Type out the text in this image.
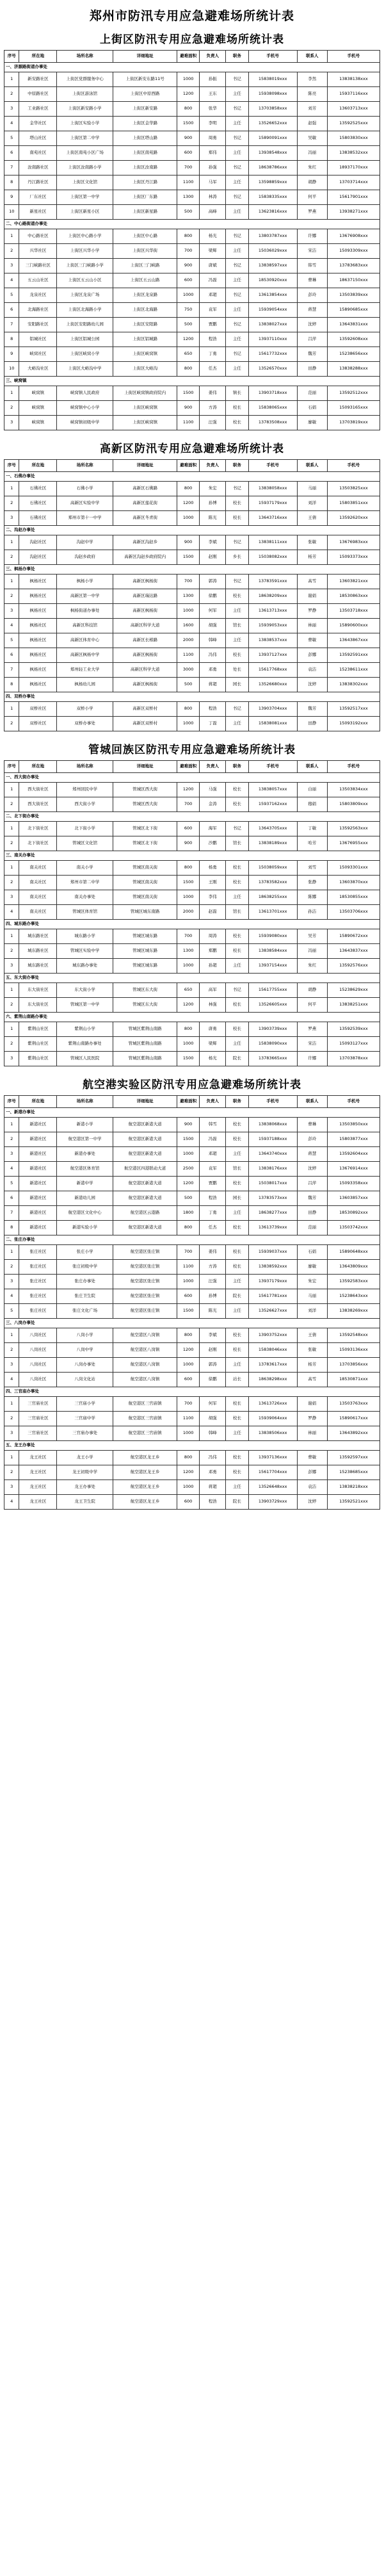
郑州市防汛专用应急避难场所统计表
上街区防汛专用应急避难场所统计表
序号	所在地	场所名称	详细地址	避难面积	负责人	职务	手机号	联系人	手机号
一、济源路街道办事处									
1	新安路社区	上街区党群服务中心	上街区新安东路11号	1000	孙振	书记	15838019xxx	李然	13838138xxx
2	中原路社区	上街区游泳馆	上街区中原西路	1200	王东	主任	15938098xxx	陈亮	15937116xxx
3	工业路社区	上街区新安路小学	上街区新安路	800	张华	书记	13703858xxx	刘芳	13603713xxx
4	金华社区	上街区实验小学	上街区金华路	1500	李明	主任	13526652xxx	赵强	13592525xxx
5	塔山社区	上街区第二中学	上街区塔山路	900	周勇	书记	15890091xxx	吴敏	15803830xxx
6	南苑社区	上街区南苑小区广场	上街区南苑路	600	郑伟	主任	13938548xxx	冯丽	13838532xxx
7	汝南路社区	上街区汝南路小学	上街区汝南路	700	孙强	书记	18638786xxx	朱红	18937170xxx
8	丹江路社区	上街区文化馆	上街区丹江路	1100	马军	主任	13598859xxx	胡静	13703714xxx
9	厂东社区	上街区第一中学	上街区厂东路	1300	林涛	书记	15838335xxx	何平	15617901xxx
10	新星社区	上街区新星小区	上街区新星路	500	高峰	主任	13623816xxx	罗燕	13938271xxx
二、中心路街道办事处									
1	中心路社区	上街区中心路小学	上街区中心路	800	杨光	书记	13803787xxx	许娜	13676908xxx
2	兴华社区	上街区兴华小学	上街区兴华街	700	梁辉	主任	15036029xxx	宋洁	15093309xxx
3	三门峡路社区	上街区三门峡路小学	上街区三门峡路	900	唐斌	书记	13838597xxx	韩雪	13783683xxx
4	五云山社区	上街区五云山小区	上街区五云山路	600	冯磊	主任	18530920xxx	曹琳	18637150xxx
5	龙泉社区	上街区龙泉广场	上街区龙泉路	1000	邓超	书记	13613854xxx	彭玲	13503839xxx
6	北海路社区	上街区北海路小学	上街区北海路	750	袁军	主任	15939054xxx	蒋慧	15890685xxx
7	安阳路社区	上街区安阳路幼儿园	上街区安阳路	500	贾鹏	书记	13838027xxx	沈婷	13643831xxx
8	铝城社区	上街区铝城公园	上街区铝城路	1200	程浩	主任	13937110xxx	吕萍	13592608xxx
9	峡窝社区	上街区峡窝小学	上街区峡窝镇	650	丁勇	书记	15617732xxx	魏芳	15238656xxx
10	大峪沟社区	上街区大峪沟中学	上街区大峪沟	800	任杰	主任	13526570xxx	田静	13838288xxx
三、峡窝镇									
1	峡窝镇	峡窝镇人民政府	上街区峡窝镇政府院内	1500	姜伟	镇长	13903718xxx	范丽	13592512xxx
2	峡窝镇	峡窝镇中心小学	上街区峡窝镇	900	方涛	校长	15838065xxx	石娟	15093165xxx
3	峡窝镇	峡窝镇初级中学	上街区峡窝镇	1100	汪强	校长	13783508xxx	廖敏	13703819xxx
高新区防汛专用应急避难场所统计表
序号	所在地	场所名称	详细地址	避难面积	负责人	职务	手机号	联系人	手机号
一、石佛办事处									
1	石佛社区	石佛小学	高新区石佛路	800	朱宏	书记	13838058xxx	马丽	13503825xxx
2	石佛社区	高新区实验中学	高新区莲花街	1200	孙博	校长	15937179xxx	刘洋	15803851xxx
3	石佛社区	郑州市第十一中学	高新区冬青街	1000	陈光	校长	13643716xxx	王倩	13592620xxx
二、沟赵办事处									
1	沟赵社区	沟赵中学	高新区沟赵乡	900	李斌	书记	13838111xxx	张敏	13676983xxx
2	沟赵社区	沟赵乡政府	高新区沟赵乡政府院内	1500	赵刚	乡长	15038082xxx	杨芳	15093373xxx
三、枫杨办事处									
1	枫杨社区	枫杨小学	高新区枫杨街	700	郭涛	书记	13783591xxx	高雪	13603821xxx
2	枫杨社区	高新区第一中学	高新区瑞达路	1300	徐鹏	校长	18638209xxx	谢娟	18530863xxx
3	枫杨社区	枫杨街道办事处	高新区枫杨街	1000	何军	主任	13613713xxx	罗静	13503718xxx
4	枫杨社区	高新区科技馆	高新区科学大道	1600	胡强	馆长	15939053xxx	林丽	15890600xxx
5	枫杨社区	高新区体育中心	高新区长椿路	2000	韩峰	主任	13838537xxx	曹敏	13643867xxx
6	枫杨社区	高新区枫杨中学	高新区枫杨街	1100	冯伟	校长	13937127xxx	彭娜	13592591xxx
7	枫杨社区	郑州轻工业大学	高新区科学大道	3000	邓勇	处长	15617768xxx	袁洁	15238611xxx
8	枫杨社区	枫杨幼儿园	高新区枫杨街	500	蒋超	园长	13526680xxx	沈婷	13838302xxx
四、双桥办事处									
1	双桥社区	双桥小学	高新区双桥村	800	程浩	书记	13903704xxx	魏芳	13592517xxx
2	双桥社区	双桥办事处	高新区双桥村	1000	丁磊	主任	15838081xxx	田静	15093192xxx
管城回族区防汛专用应急避难场所统计表
序号	所在地	场所名称	详细地址	避难面积	负责人	职务	手机号	联系人	手机号
一、西大街办事处									
1	西大街社区	郑州回民中学	管城区西大街	1200	马强	校长	13838057xxx	白丽	13503834xxx
2	西大街社区	西大街小学	管城区西大街	700	金涛	校长	15937162xxx	穆娟	15803809xxx
二、北下街办事处									
1	北下街社区	北下街小学	管城区北下街	600	海军	书记	13643705xxx	丁敏	13592563xxx
2	北下街社区	管城区文化馆	管城区北下街	900	沙鹏	馆长	13838189xxx	哈芳	13676955xxx
三、南关办事处									
1	南关社区	南关小学	管城区南关街	800	杨勇	校长	15038059xxx	刘雪	15093301xxx
2	南关社区	郑州市第二中学	管城区南关街	1500	王刚	校长	13783582xxx	张静	13603870xxx
3	南关社区	南关办事处	管城区南关街	1000	李伟	主任	18638255xxx	陈娜	18530855xxx
4	南关社区	管城区体育馆	管城区城东南路	2000	赵磊	馆长	13613701xxx	孙洁	13503706xxx
四、城东路办事处									
1	城东路社区	城东路小学	管城区城东路	700	周涛	校长	15939080xxx	吴芳	15890672xxx
2	城东路社区	管城区实验中学	管城区城东路	1300	郑鹏	校长	13838584xxx	冯丽	13643837xxx
3	城东路社区	城东路办事处	管城区城东路	1000	孙超	主任	13937154xxx	朱红	13592576xxx
五、东大街办事处									
1	东大街社区	东大街小学	管城区东大街	650	高军	书记	15617755xxx	胡静	15238629xxx
2	东大街社区	管城区第一中学	管城区东大街	1200	林强	校长	13526605xxx	何平	13838251xxx
六、紫荆山南路办事处									
1	紫荆山社区	紫荆山小学	管城区紫荆山南路	800	唐勇	校长	13903739xxx	罗燕	13592539xxx
2	紫荆山社区	紫荆山南路办事处	管城区紫荆山南路	1000	梁辉	主任	15838090xxx	宋洁	15093127xxx
3	紫荆山社区	管城区人民医院	管城区紫荆山南路	1500	杨光	院长	13783665xxx	许娜	13703878xxx
航空港实验区防汛专用应急避难场所统计表
序号	所在地	场所名称	详细地址	避难面积	负责人	职务	手机号	联系人	手机号
一、新港办事处									
1	新港社区	新港小学	航空港区新港大道	900	韩雪	校长	13838068xxx	曹琳	13503850xxx
2	新港社区	航空港区第一中学	航空港区新港大道	1500	冯磊	校长	15937188xxx	彭玲	15803877xxx
3	新港社区	新港办事处	航空港区新港大道	1000	邓超	主任	13643740xxx	蒋慧	13592604xxx
4	新港社区	航空港区体育馆	航空港区四港联动大道	2500	袁军	馆长	13838176xxx	沈婷	13676914xxx
5	新港社区	新港中学	航空港区新港大道	1200	贾鹏	校长	15038017xxx	吕萍	15093358xxx
6	新港社区	新港幼儿园	航空港区新港大道	500	程浩	园长	13783573xxx	魏芳	13603857xxx
7	新港社区	航空港区文化中心	航空港区云港路	1800	丁勇	主任	18638277xxx	田静	18530892xxx
8	新港社区	新港实验小学	航空港区新港大道	800	任杰	校长	13613739xxx	范丽	13503742xxx
二、张庄办事处									
1	张庄社区	张庄小学	航空港区张庄镇	700	姜伟	校长	15939037xxx	石娟	15890648xxx
2	张庄社区	张庄初级中学	航空港区张庄镇	1100	方涛	校长	13838592xxx	廖敏	13643809xxx
3	张庄社区	张庄办事处	航空港区张庄镇	1000	汪强	主任	13937179xxx	朱宏	13592583xxx
4	张庄社区	张庄卫生院	航空港区张庄镇	600	孙博	院长	15617781xxx	马丽	15238643xxx
5	张庄社区	张庄文化广场	航空港区张庄镇	1500	陈光	主任	13526627xxx	刘洋	13838269xxx
三、八岗办事处									
1	八岗社区	八岗小学	航空港区八岗镇	800	李斌	校长	13903752xxx	王倩	13592548xxx
2	八岗社区	八岗中学	航空港区八岗镇	1200	赵刚	校长	15838046xxx	张敏	15093136xxx
3	八岗社区	八岗办事处	航空港区八岗镇	1000	郭涛	主任	13783617xxx	杨芳	13703856xxx
4	八岗社区	八岗文化站	航空港区八岗镇	600	徐鹏	站长	18638298xxx	高雪	18530871xxx
四、三官庙办事处									
1	三官庙社区	三官庙小学	航空港区三官庙镇	700	何军	校长	13613726xxx	谢娟	13503763xxx
2	三官庙社区	三官庙中学	航空港区三官庙镇	1100	胡强	校长	15939064xxx	罗静	15890617xxx
3	三官庙社区	三官庙办事处	航空港区三官庙镇	1000	韩峰	主任	13838506xxx	林丽	13643892xxx
五、龙王办事处									
1	龙王社区	龙王小学	航空港区龙王乡	800	冯伟	校长	13937136xxx	曹敏	13592597xxx
2	龙王社区	龙王初级中学	航空港区龙王乡	1200	邓勇	校长	15617704xxx	彭娜	15238685xxx
3	龙王社区	龙王办事处	航空港区龙王乡	1000	蒋超	主任	13526648xxx	袁洁	13838218xxx
4	龙王社区	龙王卫生院	航空港区龙王乡	600	程浩	院长	13903729xxx	沈婷	13592521xxx
